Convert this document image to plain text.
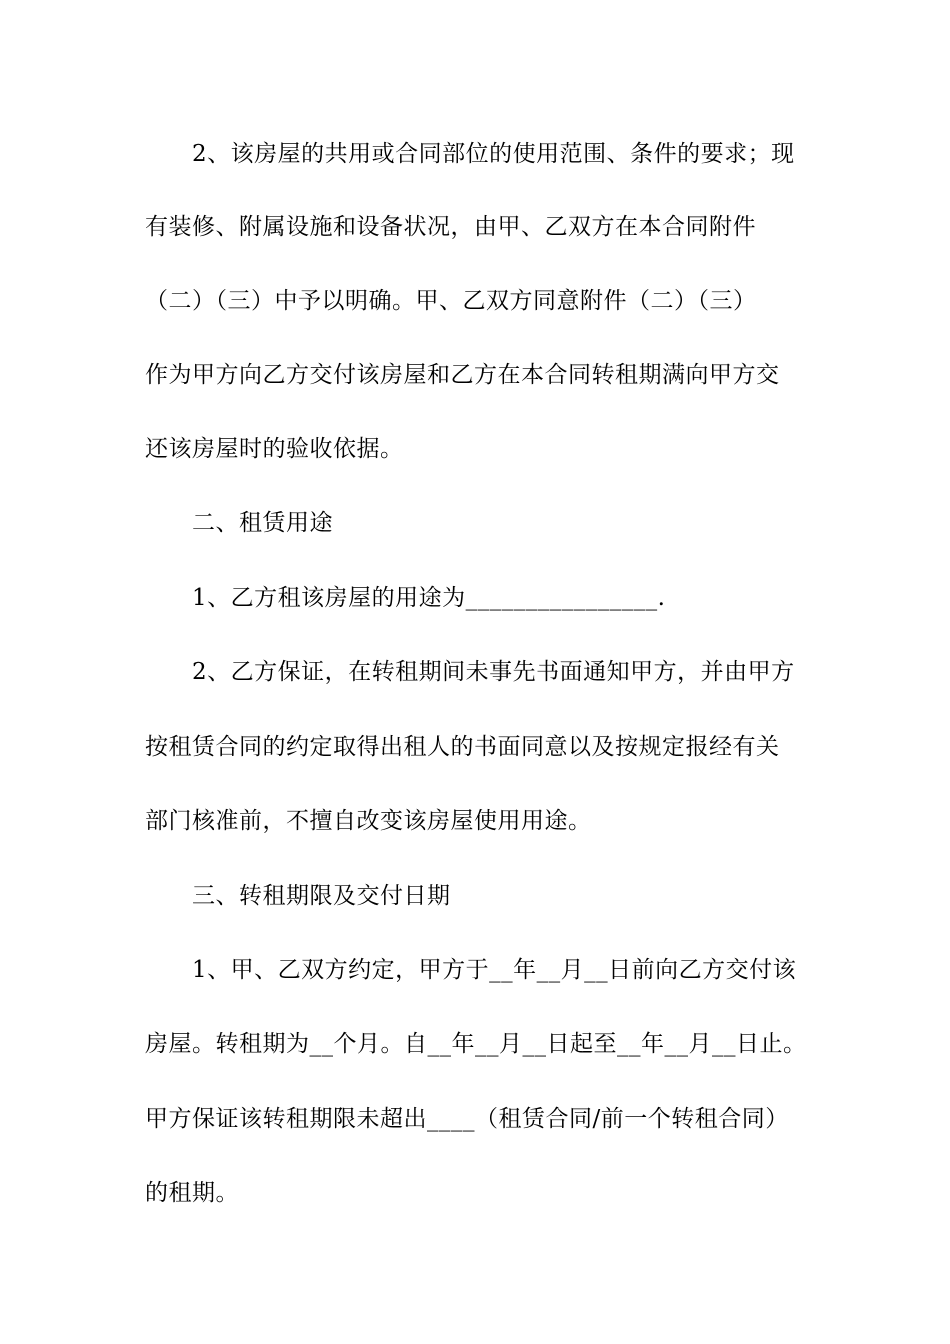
2、该房屋的共用或合同部位的使用范围、条件的要求；现
有装修、附属设施和设备状况，由甲、乙双方在本合同附件
（二）（三）中予以明确。甲、乙双方同意附件（二）（三）
作为甲方向乙方交付该房屋和乙方在本合同转租期满向甲方交
还该房屋时的验收依据。
二、租赁用途
1、乙方租该房屋的用途为________________.
2、乙方保证，在转租期间未事先书面通知甲方，并由甲方
按租赁合同的约定取得出租人的书面同意以及按规定报经有关
部门核准前，不擅自改变该房屋使用用途。
三、转租期限及交付日期
1、甲、乙双方约定，甲方于__年__月__日前向乙方交付该
房屋。转租期为__个月。自__年__月__日起至__年__月__日止。
甲方保证该转租期限未超出____（租赁合同/前一个转租合同）
的租期。
